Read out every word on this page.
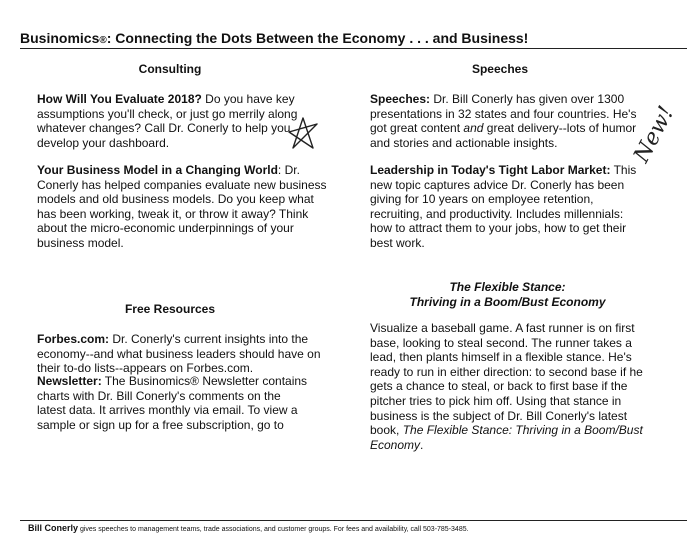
Businomics®: Connecting the Dots Between the Economy . . . and Business!
Consulting
How Will You Evaluate 2018? Do you have key assumptions you'll check, or just go merrily along whatever changes? Call Dr. Conerly to help you develop your dashboard.
Your Business Model in a Changing World: Dr. Conerly has helped companies evaluate new business models and old business models. Do you keep what has been working, tweak it, or throw it away? Think about the micro-economic underpinnings of your business model.
Speeches
Speeches: Dr. Bill Conerly has given over 1300 presentations in 32 states and four countries. He's got great content and great delivery--lots of humor and stories and actionable insights.
Leadership in Today's Tight Labor Market: This new topic captures advice Dr. Conerly has been giving for 10 years on employee retention, recruiting, and productivity. Includes millennials: how to attract them to your jobs, how to get their best work.
New!
The Flexible Stance:
Thriving in a Boom/Bust Economy
Visualize a baseball game. A fast runner is on first base, looking to steal second. The runner takes a lead, then plants himself in a flexible stance. He's ready to run in either direction: to second base if he gets a chance to steal, or back to first base if the pitcher tries to pick him off. Using that stance in business is the subject of Dr. Bill Conerly's latest book, The Flexible Stance: Thriving in a Boom/Bust Economy.
Free Resources
Forbes.com: Dr. Conerly's current insights into the economy--and what business leaders should have on their to-do lists--appears on Forbes.com.
Newsletter: The Businomics® Newsletter contains charts with Dr. Bill Conerly's comments on the latest data. It arrives monthly via email. To view a sample or sign up for a free subscription, go to
Bill Conerly gives speeches to management teams, trade associations, and customer groups. For fees and availability, call 503-785-3485.
